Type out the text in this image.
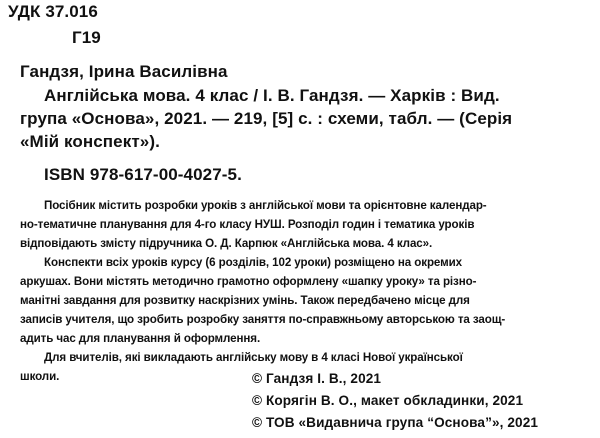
УДК 37.016
Г19
Гандзя, Ірина Василівна
Англійська мова. 4 клас / І. В. Гандзя. — Харків : Вид.
група «Основа», 2021. — 219, [5] с. : схеми, табл. — (Серія
«Мій конспект»).
ISBN 978-617-00-4027-5.
Посібник містить розробки уроків з англійської мови та орієнтовне календар-
но-тематичне планування для 4-го класу НУШ. Розподіл годин і тематика уроків
відповідають змісту підручника О. Д. Карпюк «Англійська мова. 4 клас».
Конспекти всіх уроків курсу (6 розділів, 102 уроки) розміщено на окремих
аркушах. Вони містять методично грамотно оформлену «шапку уроку» та різно-
манітні завдання для розвитку наскрізних умінь. Також передбачено місце для
записів учителя, що зробить розробку заняття по-справжньому авторською та заощ-
адить час для планування й оформлення.
Для вчителів, які викладають англійську мову в 4 класі Нової української
школи.	© Гандзя І. В., 2021
© Корягін В. О., макет обкладинки, 2021
© ТОВ «Видавнича група “Основа”», 2021
